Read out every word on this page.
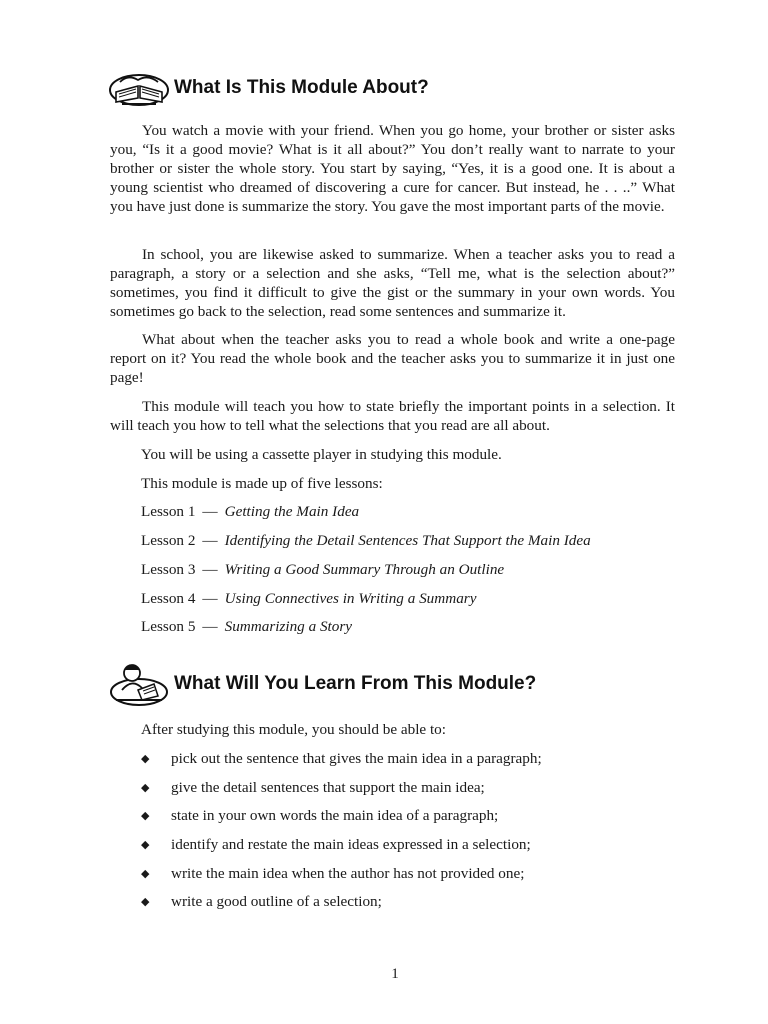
What Is This Module About?

You watch a movie with your friend. When you go home, your brother or sister asks you, “Is it a good movie? What is it all about?” You don’t really want to narrate to your brother or sister the whole story. You start by saying, “Yes, it is a good one. It is about a young scientist who dreamed of discovering a cure for cancer. But instead, he . . ..” What you have just done is summarize the story. You gave the most important parts of the movie.

In school, you are likewise asked to summarize. When a teacher asks you to read a paragraph, a story or a selection and she asks, “Tell me, what is the selection about?” sometimes, you find it difficult to give the gist or the summary in your own words. You sometimes go back to the selection, read some sentences and summarize it.

What about when the teacher asks you to read a whole book and write a one-page report on it? You read the whole book and the teacher asks you to summarize it in just one page!

This module will teach you how to state briefly the important points in a selection. It will teach you how to tell what the selections that you read are all about.

You will be using a cassette player in studying this module.
This module is made up of five lessons:
Lesson 1 — Getting the Main Idea
Lesson 2 — Identifying the Detail Sentences That Support the Main Idea
Lesson 3 — Writing a Good Summary Through an Outline
Lesson 4 — Using Connectives in Writing a Summary
Lesson 5 — Summarizing a Story
What Will You Learn From This Module?
After studying this module, you should be able to:
◆ pick out the sentence that gives the main idea in a paragraph;
◆ give the detail sentences that support the main idea;
◆ state in your own words the main idea of a paragraph;
◆ identify and restate the main ideas expressed in a selection;
◆ write the main idea when the author has not provided one;
◆ write a good outline of a selection;
1
